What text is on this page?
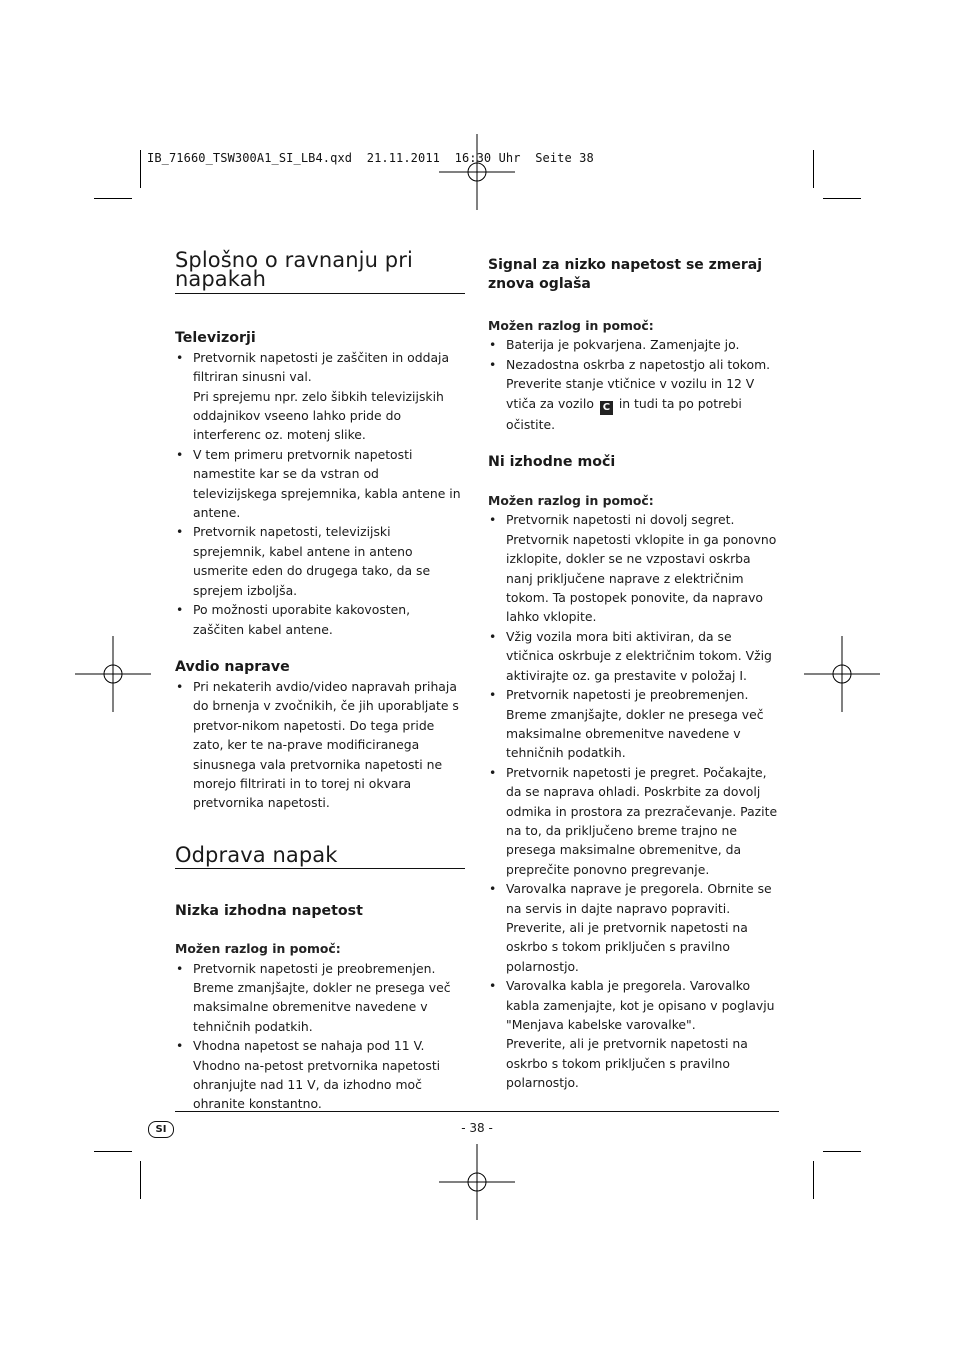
IB_71660_TSW300A1_SI_LB4.qxd  21.11.2011  16:30 Uhr  Seite 38
Splošno o ravnanju pri napakah
Televizorji
• Pretvornik napetosti je zaščiten in oddaja filtriran sinusni val.
Pri sprejemu npr. zelo šibkih televizijskih oddajnikov vseeno lahko pride do interferenc oz. motenj slike.
• V tem primeru pretvornik napetosti namestite kar se da vstran od televizijskega sprejemnika, kabla antene in antene.
• Pretvornik napetosti, televizijski sprejemnik, kabel antene in anteno usmerite eden do drugega tako, da se sprejem izboljša.
• Po možnosti uporabite kakovosten, zaščiten kabel antene.
Avdio naprave
• Pri nekaterih avdio/video napravah prihaja do brnenja v zvočnikih, če jih uporabljate s pretvor-nikom napetosti. Do tega pride zato, ker te na-prave modificiranega sinusnega vala pretvornika napetosti ne morejo filtrirati in to torej ni okvara pretvornika napetosti.
Odprava napak
Nizka izhodna napetost

Možen razlog in pomoč:

• Pretvornik napetosti je preobremenjen. Breme zmanjšajte, dokler ne presega več maksimalne obremenitve navedene v tehničnih podatkih.
• Vhodna napetost se nahaja pod 11 V. Vhodno na-petost pretvornika napetosti ohranjujte nad 11 V, da izhodno moč ohranite konstantno.
Signal za nizko napetost se zmeraj znova oglaša

Možen razlog in pomoč:

• Baterija je pokvarjena. Zamenjajte jo.
• Nezadostna oskrba z napetostjo ali tokom.
Preverite stanje vtičnice v vozilu in 12 V vtiča za vozilo C in tudi ta po potrebi očistite.
Ni izhodne moči

Možen razlog in pomoč:

• Pretvornik napetosti ni dovolj segret. Pretvornik napetosti vklopite in ga ponovno izklopite, dokler se ne vzpostavi oskrba nanj priključene naprave z električnim tokom. Ta postopek ponovite, da napravo lahko vklopite.
• Vžig vozila mora biti aktiviran, da se vtičnica oskrbuje z električnim tokom. Vžig aktivirajte oz. ga prestavite v položaj I.
• Pretvornik napetosti je preobremenjen. Breme zmanjšajte, dokler ne presega več maksimalne obremenitve navedene v tehničnih podatkih.
• Pretvornik napetosti je pregret. Počakajte, da se naprava ohladi. Poskrbite za dovolj odmika in prostora za prezračevanje. Pazite na to, da priključeno breme trajno ne presega maksimalne obremenitve, da preprečite ponovno pregrevanje.
• Varovalka naprave je pregorela. Obrnite se na servis in dajte napravo popraviti. Preverite, ali je pretvornik napetosti na oskrbo s tokom priključen s pravilno polarnostjo.
• Varovalka kabla je pregorela. Varovalko kabla zamenjajte, kot je opisano v poglavju "Menjava kabelske varovalke".
Preverite, ali je pretvornik napetosti na oskrbo s tokom priključen s pravilno polarnostjo.
SI	- 38 -
